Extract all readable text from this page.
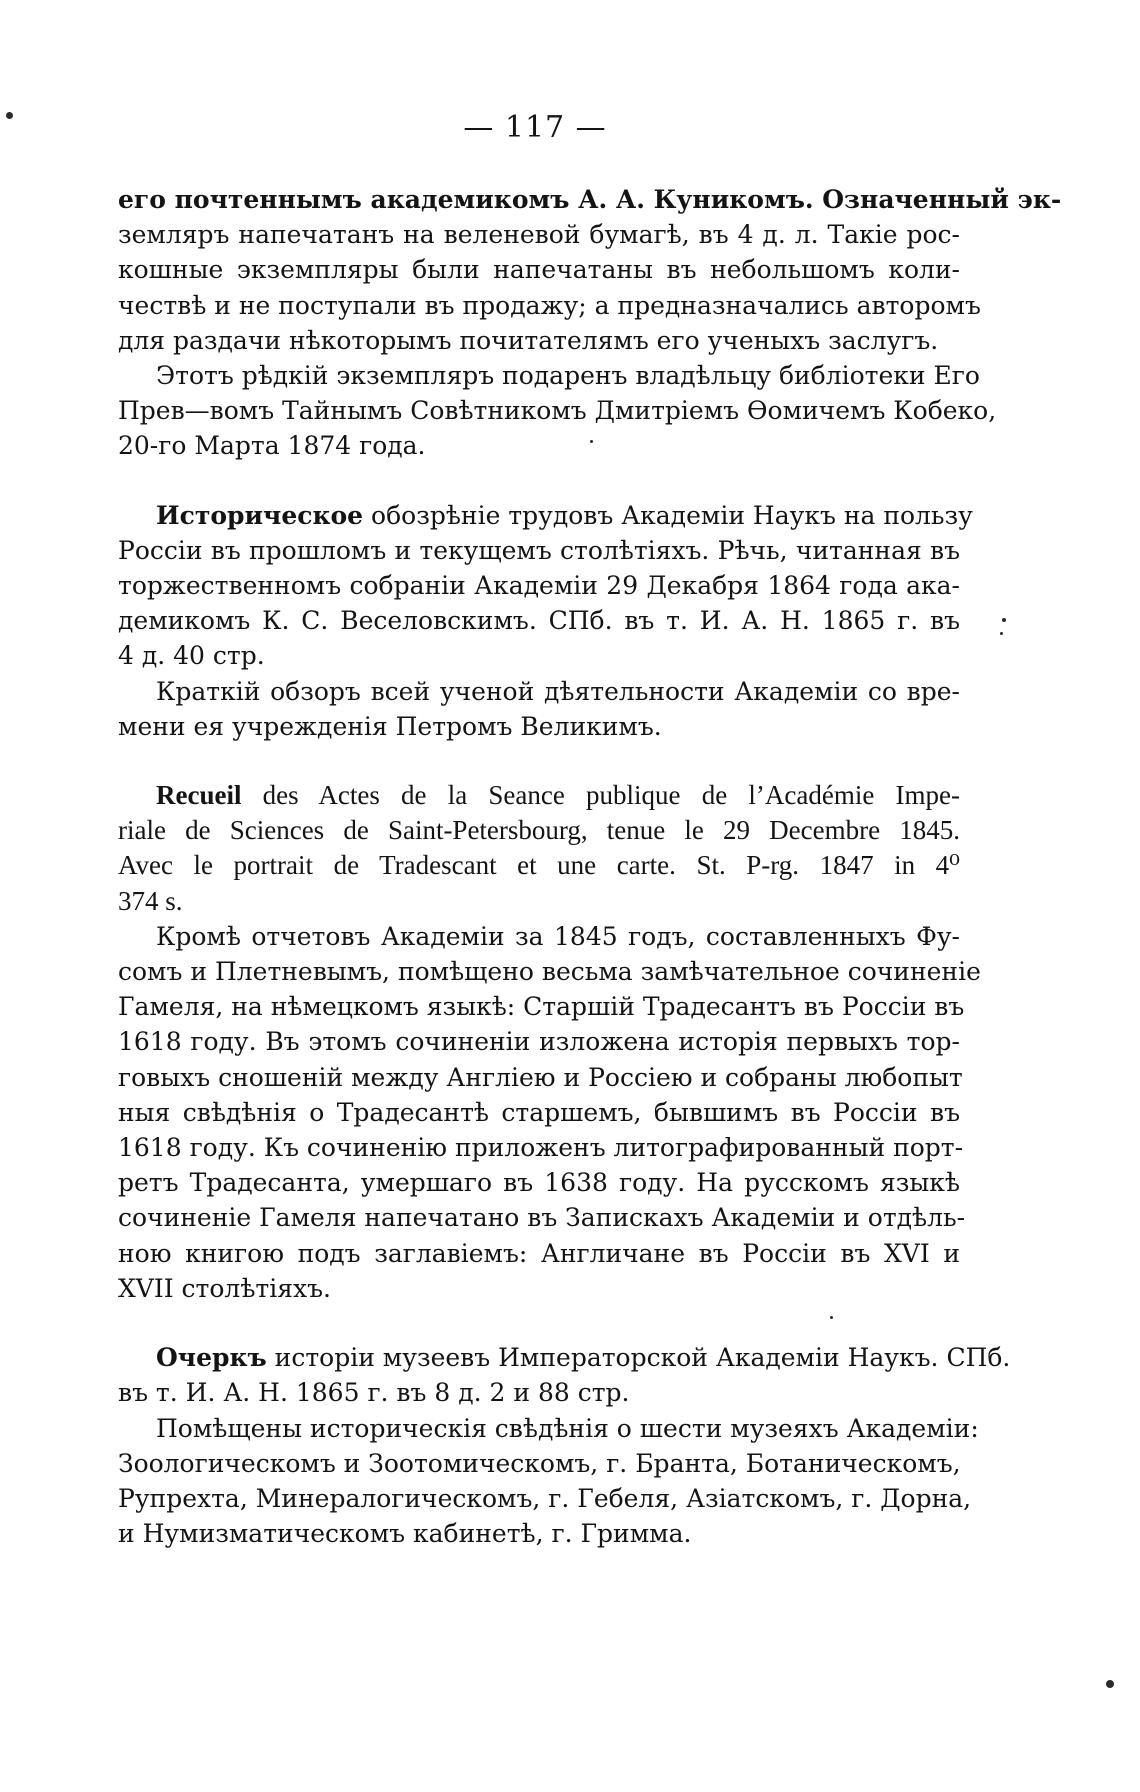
— 117 —
его почтеннымъ академикомъ А. А. Куникомъ. Означенный эк-
земляръ напечатанъ на веленевой бумагѣ, въ 4 д. л. Такіе рос-
кошные экземпляры были напечатаны въ небольшомъ коли-
чествѣ и не поступали въ продажу; а предназначались авторомъ
для раздачи нѣкоторымъ почитателямъ его ученыхъ заслугъ.
Этотъ рѣдкій экземпляръ подаренъ владѣльцу библіотеки Его
Прев—вомъ Тайнымъ Совѣтникомъ Дмитріемъ Ѳомичемъ Кобеко,
20-го Марта 1874 года.
Историческое обозрѣніе трудовъ Академіи Наукъ на пользу
Россіи въ прошломъ и текущемъ столѣтіяхъ. Рѣчь, читанная въ
торжественномъ собраніи Академіи 29 Декабря 1864 года ака-
демикомъ К. С. Веселовскимъ. СПб. въ т. И. А. Н. 1865 г. въ
4 д. 40 стр.
Краткій обзоръ всей ученой дѣятельности Академіи со вре-
мени ея учрежденія Петромъ Великимъ.
Recueil des Actes de la Seance publique de l’Académie Impe-
riale de Sciences de Saint-Petersbourg, tenue le 29 Decembre 1845.
Avec le portrait de Tradescant et une carte. St. P-rg. 1847 in 4⁰
374 s.
Кромѣ отчетовъ Академіи за 1845 годъ, составленныхъ Фу-
сомъ и Плетневымъ, помѣщено весьма замѣчательное сочиненіе
Гамеля, на нѣмецкомъ языкѣ: Старшій Традесантъ въ Россіи въ
1618 году. Въ этомъ сочиненіи изложена исторія первыхъ тор-
говыхъ сношеній между Англіею и Россіею и собраны любопыт
ныя свѣдѣнія о Традесантѣ старшемъ, бывшимъ въ Россіи въ
1618 году. Къ сочиненію приложенъ литографированный порт-
ретъ Традесанта, умершаго въ 1638 году. На русскомъ языкѣ
сочиненіе Гамеля напечатано въ Запискахъ Академіи и отдѣль-
ною книгою подъ заглавіемъ: Англичане въ Россіи въ XVI и
XVII столѣтіяхъ.
Очеркъ исторіи музеевъ Императорской Академіи Наукъ. СПб.
въ т. И. А. Н. 1865 г. въ 8 д. 2 и 88 стр.
Помѣщены историческія свѣдѣнія о шести музеяхъ Академіи:
Зоологическомъ и Зоотомическомъ, г. Бранта, Ботаническомъ,
Рупрехта, Минералогическомъ, г. Гебеля, Азіатскомъ, г. Дорна,
и Нумизматическомъ кабинетѣ, г. Гримма.
